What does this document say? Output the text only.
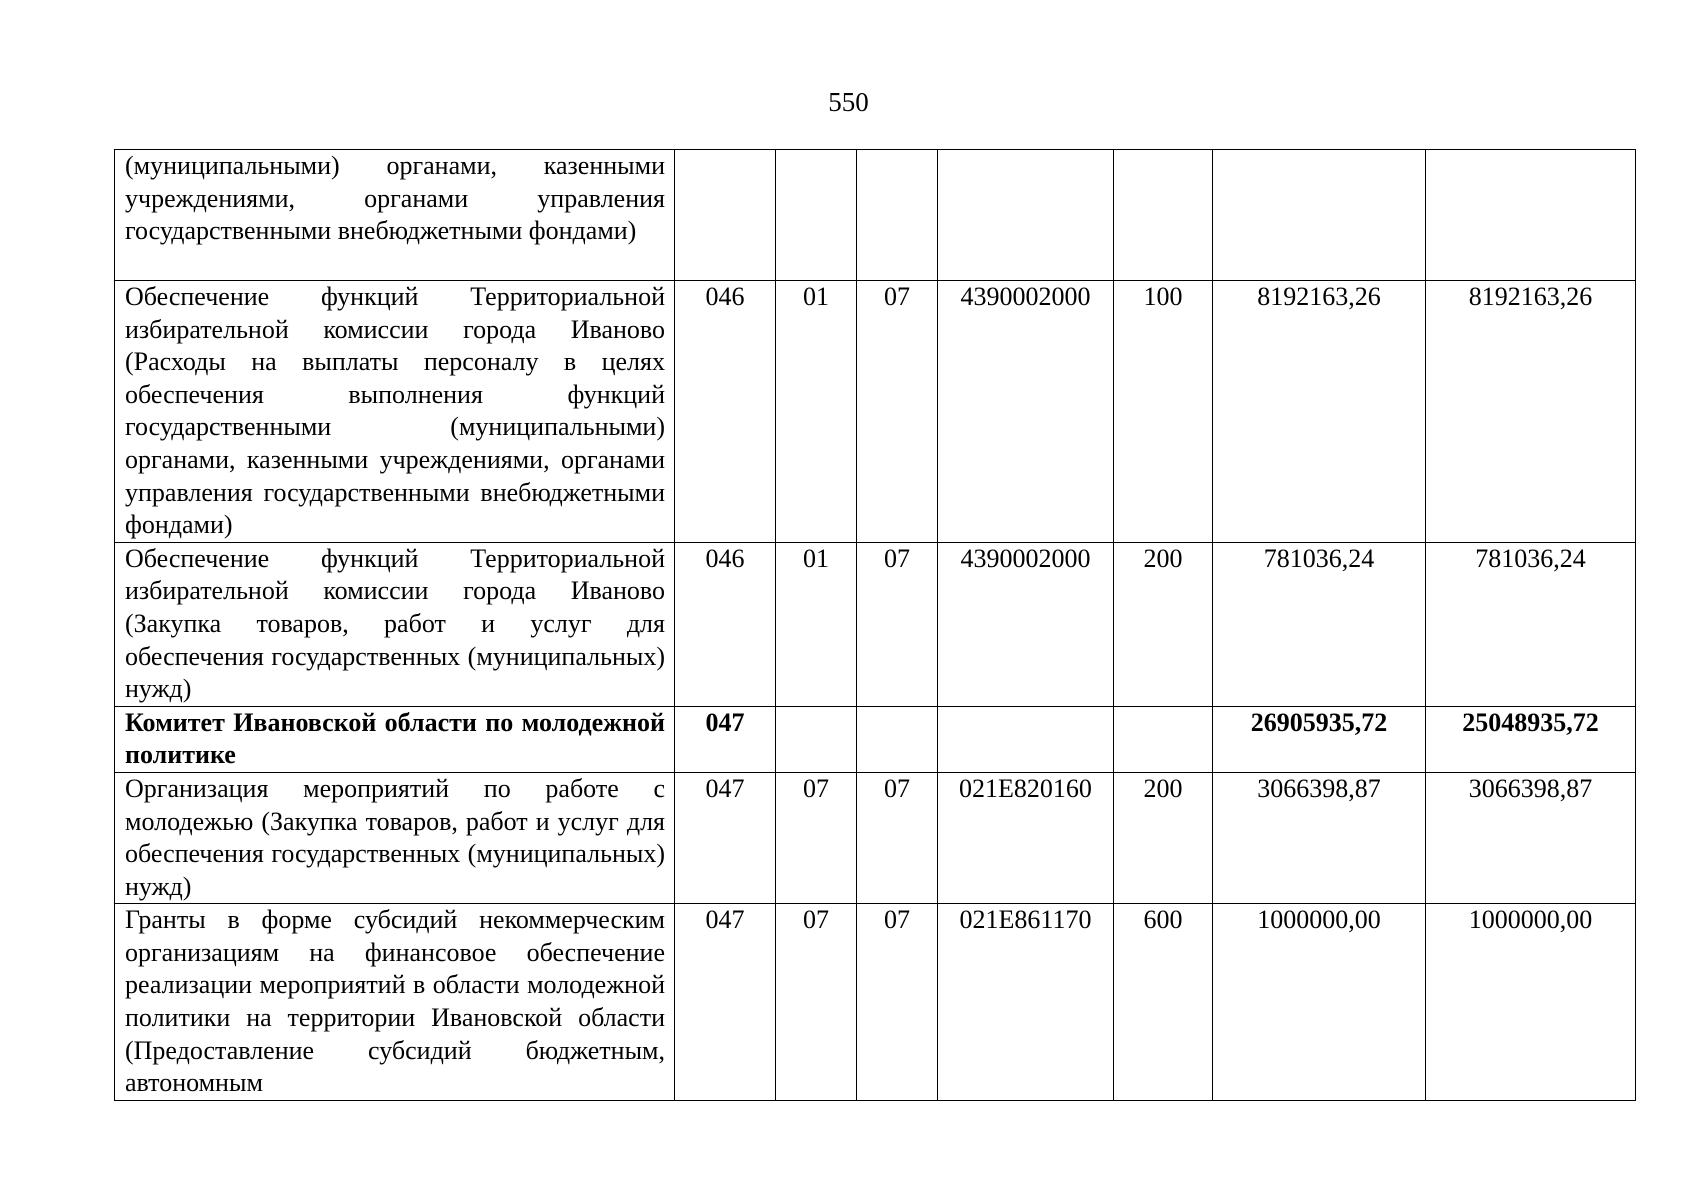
550
(муниципальными) органами, казенными учреждениями, органами управления государственными внебюджетными фондами)							
Обеспечение функций Территориальной избирательной комиссии города Иваново (Расходы на выплаты персоналу в целях обеспечения выполнения функций государственными (муниципальными) органами, казенными учреждениями, органами управления государственными внебюджетными фондами)	046	01	07	4390002000	100	8192163,26	8192163,26
Обеспечение функций Территориальной избирательной комиссии города Иваново (Закупка товаров, работ и услуг для обеспечения государственных (муниципальных) нужд)	046	01	07	4390002000	200	781036,24	781036,24
Комитет Ивановской области по молодежной политике	047					26905935,72	25048935,72
Организация мероприятий по работе с молодежью (Закупка товаров, работ и услуг для обеспечения государственных (муниципальных) нужд)	047	07	07	021Е820160	200	3066398,87	3066398,87
Гранты в форме субсидий некоммерческим организациям на финансовое обеспечение реализации мероприятий в области молодежной политики на территории Ивановской области (Предоставление субсидий бюджетным, автономным	047	07	07	021Е861170	600	1000000,00	1000000,00
